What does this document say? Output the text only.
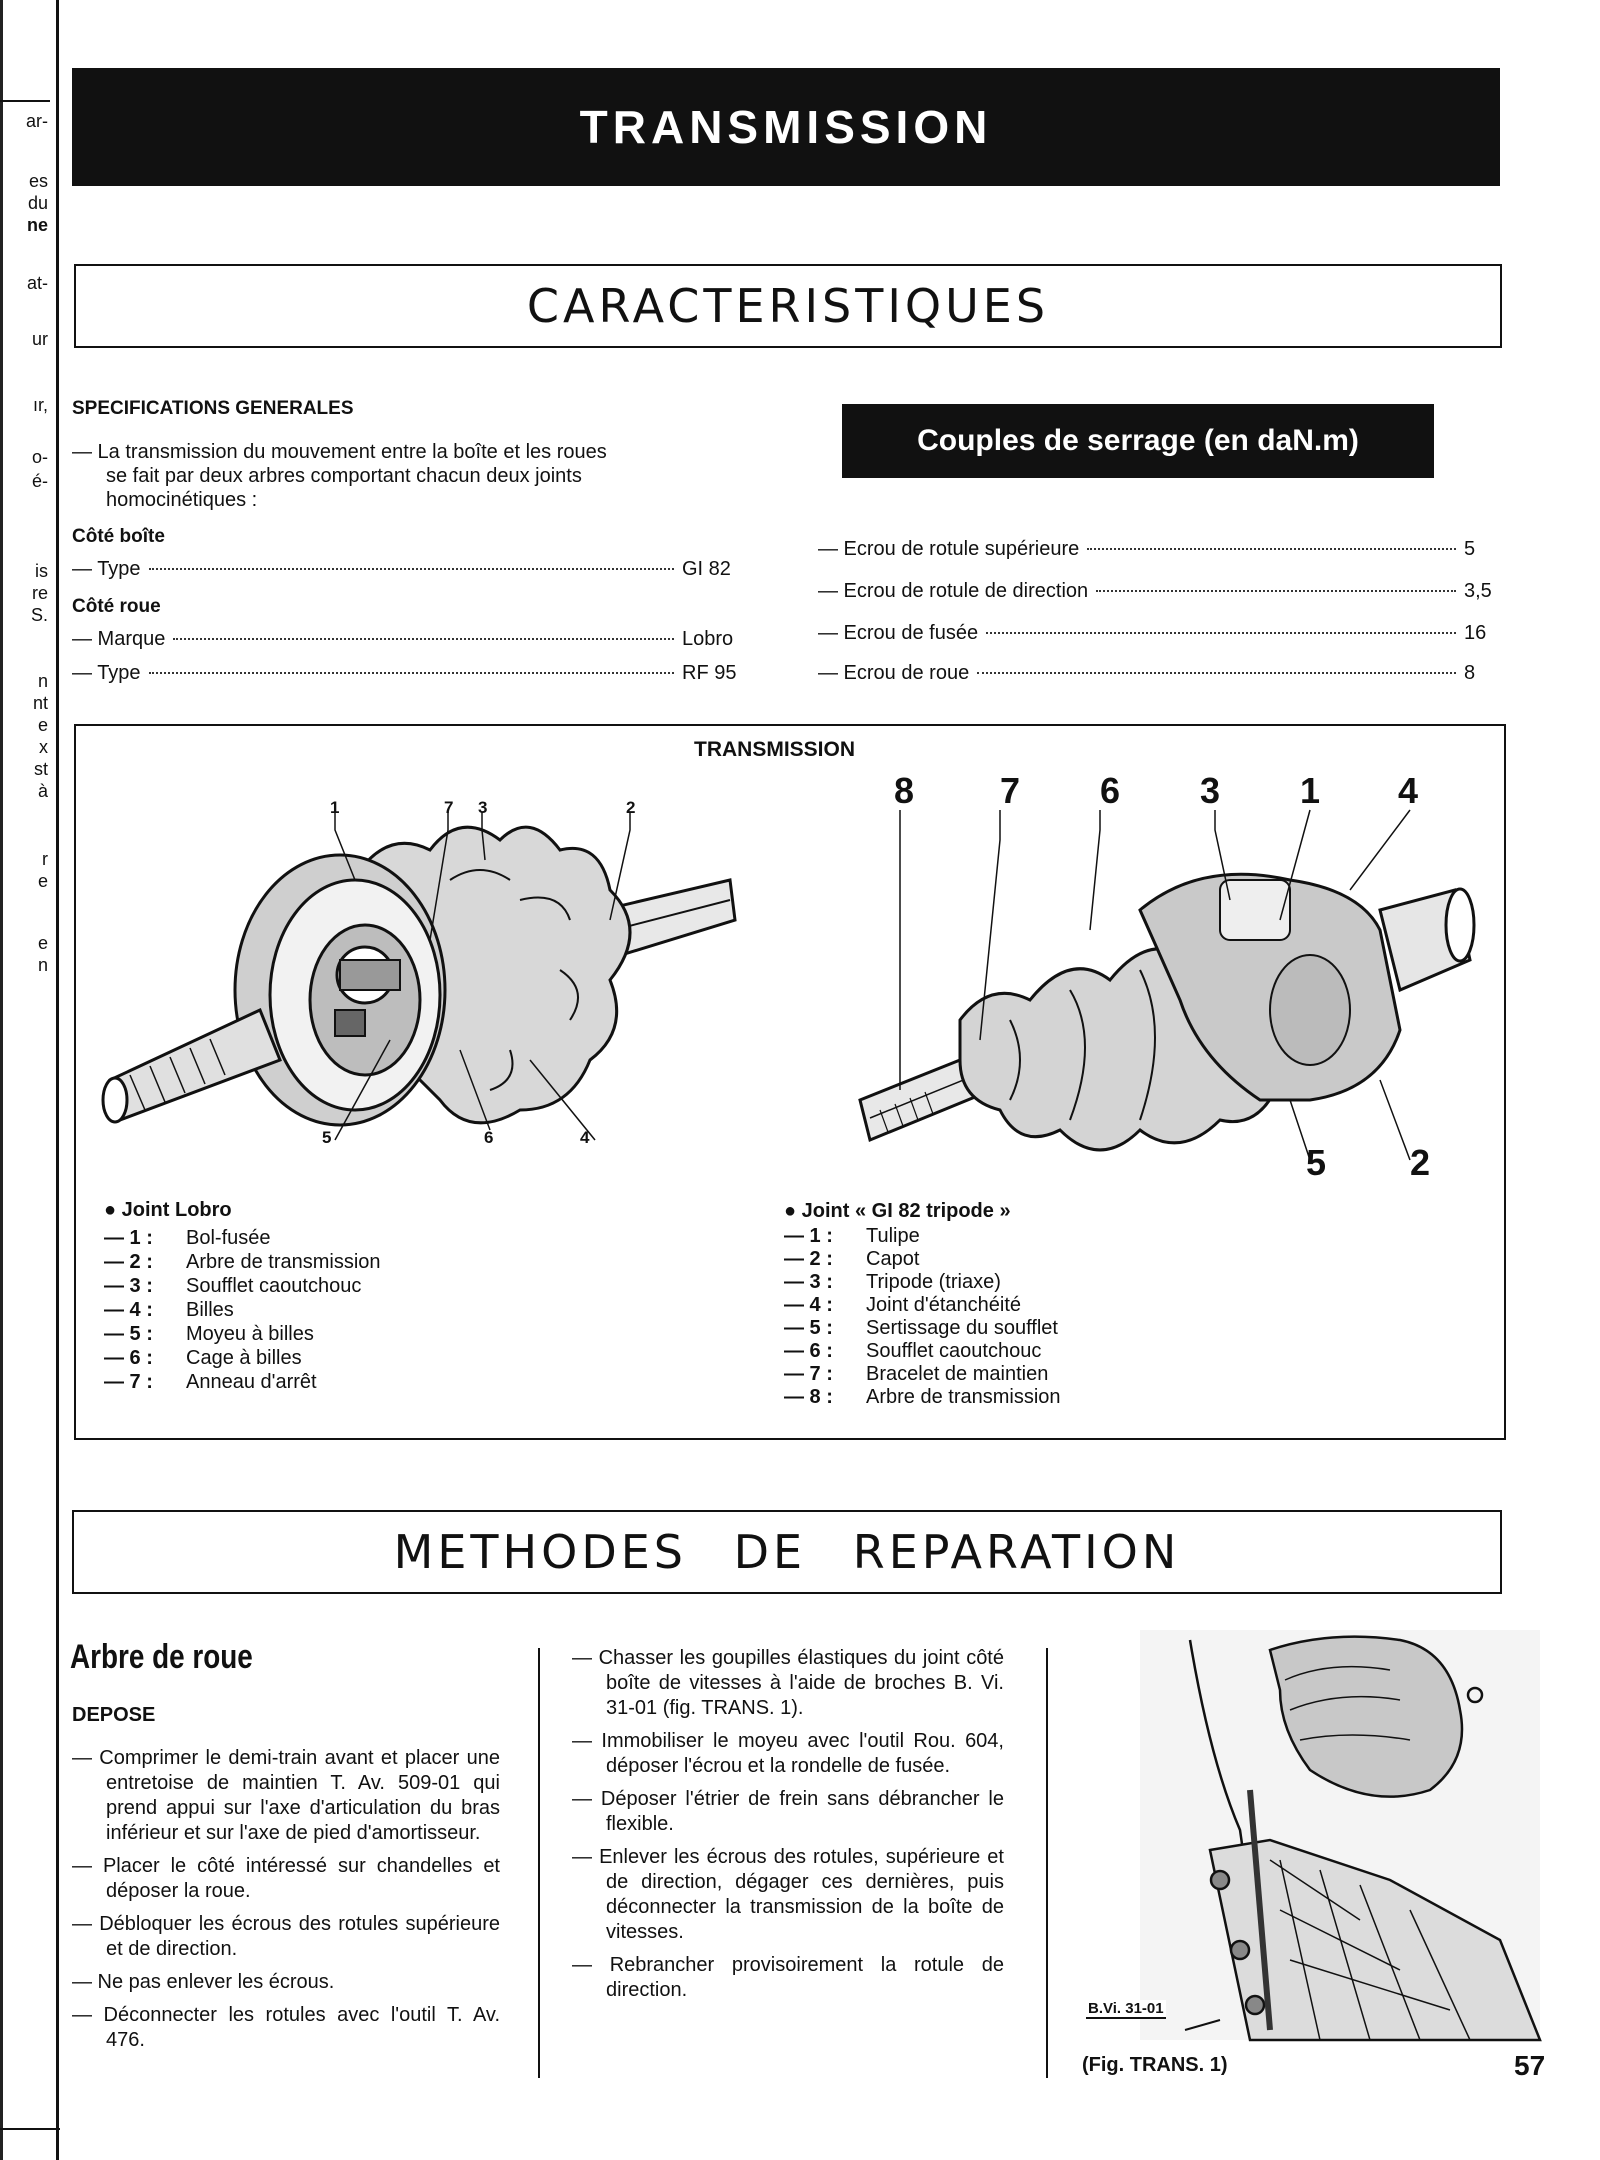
ar-
es
du
ne
at-
ur
ır,
o-
é-
is
re
S.
n
nt
e
x
st
à
r
e
e
n
TRANSMISSION
CARACTERISTIQUES
SPECIFICATIONS GENERALES
— La transmission du mouvement entre la boîte et les roues
se fait par deux arbres comportant chacun deux joints
homocinétiques :
Côté boîte
— Type	GI 82
Côté roue
— Marque	Lobro
— Type	RF 95
Couples de serrage (en daN.m)
— Ecrou de rotule supérieure	5
— Ecrou de rotule de direction	3,5
— Ecrou de fusée	16
— Ecrou de roue	8
TRANSMISSION
1	7 3	2
5	6	4
8 7 6 3 1 4
5 2
● Joint Lobro
— 1 :	Bol-fusée
— 2 :	Arbre de transmission
— 3 :	Soufflet caoutchouc
— 4 :	Billes
— 5 :	Moyeu à billes
— 6 :	Cage à billes
— 7 :	Anneau d'arrêt
● Joint « GI 82 tripode »
— 1 :	Tulipe
— 2 :	Capot
— 3 :	Tripode (triaxe)
— 4 :	Joint d'étanchéité
— 5 :	Sertissage du soufflet
— 6 :	Soufflet caoutchouc
— 7 :	Bracelet de maintien
— 8 :	Arbre de transmission
METHODES DE REPARATION
Arbre de roue
DEPOSE

— Comprimer le demi-train avant et placer une entretoise de maintien T. Av. 509-01 qui prend appui sur l'axe d'articulation du bras inférieur et sur l'axe de pied d'amortisseur.

— Placer le côté intéressé sur chandelles et déposer la roue.

— Débloquer les écrous des rotules supérieure et de direction.

— Ne pas enlever les écrous.

— Déconnecter les rotules avec l'outil T. Av. 476.

— Chasser les goupilles élastiques du joint côté boîte de vitesses à l'aide de broches B. Vi. 31-01 (fig. TRANS. 1).

— Immobiliser le moyeu avec l'outil Rou. 604, déposer l'écrou et la rondelle de fusée.

— Déposer l'étrier de frein sans débrancher le flexible.

— Enlever les écrous des rotules, supérieure et de direction, dégager ces dernières, puis déconnecter la transmission de la boîte de vitesses.

— Rebrancher provisoirement la rotule de direction.

B.Vi. 31-01
(Fig. TRANS. 1)	57
